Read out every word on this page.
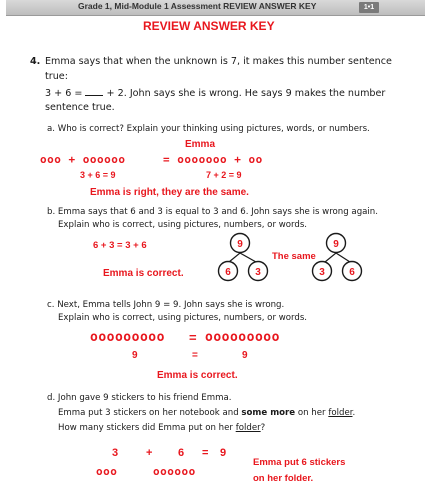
Grade 1, Mid-Module 1 Assessment REVIEW ANSWER KEY	1•1
REVIEW ANSWER KEY
4. Emma says that when the unknown is 7, it makes this number sentence
true:
3 + 6 =  + 2. John says she is wrong. He says 9 makes the number
sentence true.
a. Who is correct? Explain your thinking using pictures, words, or numbers.
Emma
ooo + oooooo	= ooooooo + oo
3 + 6 = 9	7 + 2 = 9
Emma is right, they are the same.
b. Emma says that 6 and 3 is equal to 3 and 6. John says she is wrong again.
Explain who is correct, using pictures, numbers, or words.
6 + 3 = 3 + 6
The same
Emma is correct.
9
6 3
9
3 6
c. Next, Emma tells John 9 = 9. John says she is wrong.
Explain who is correct, using pictures, numbers, or words.
ooooooooo = ooooooooo
9	=	9
Emma is correct.
d. John gave 9 stickers to his friend Emma.
Emma put 3 stickers on her notebook and some more on her folder.
How many stickers did Emma put on her folder?
3	+ 6 = 9
ooo	oooooo
Emma put 6 stickers
on her folder.
